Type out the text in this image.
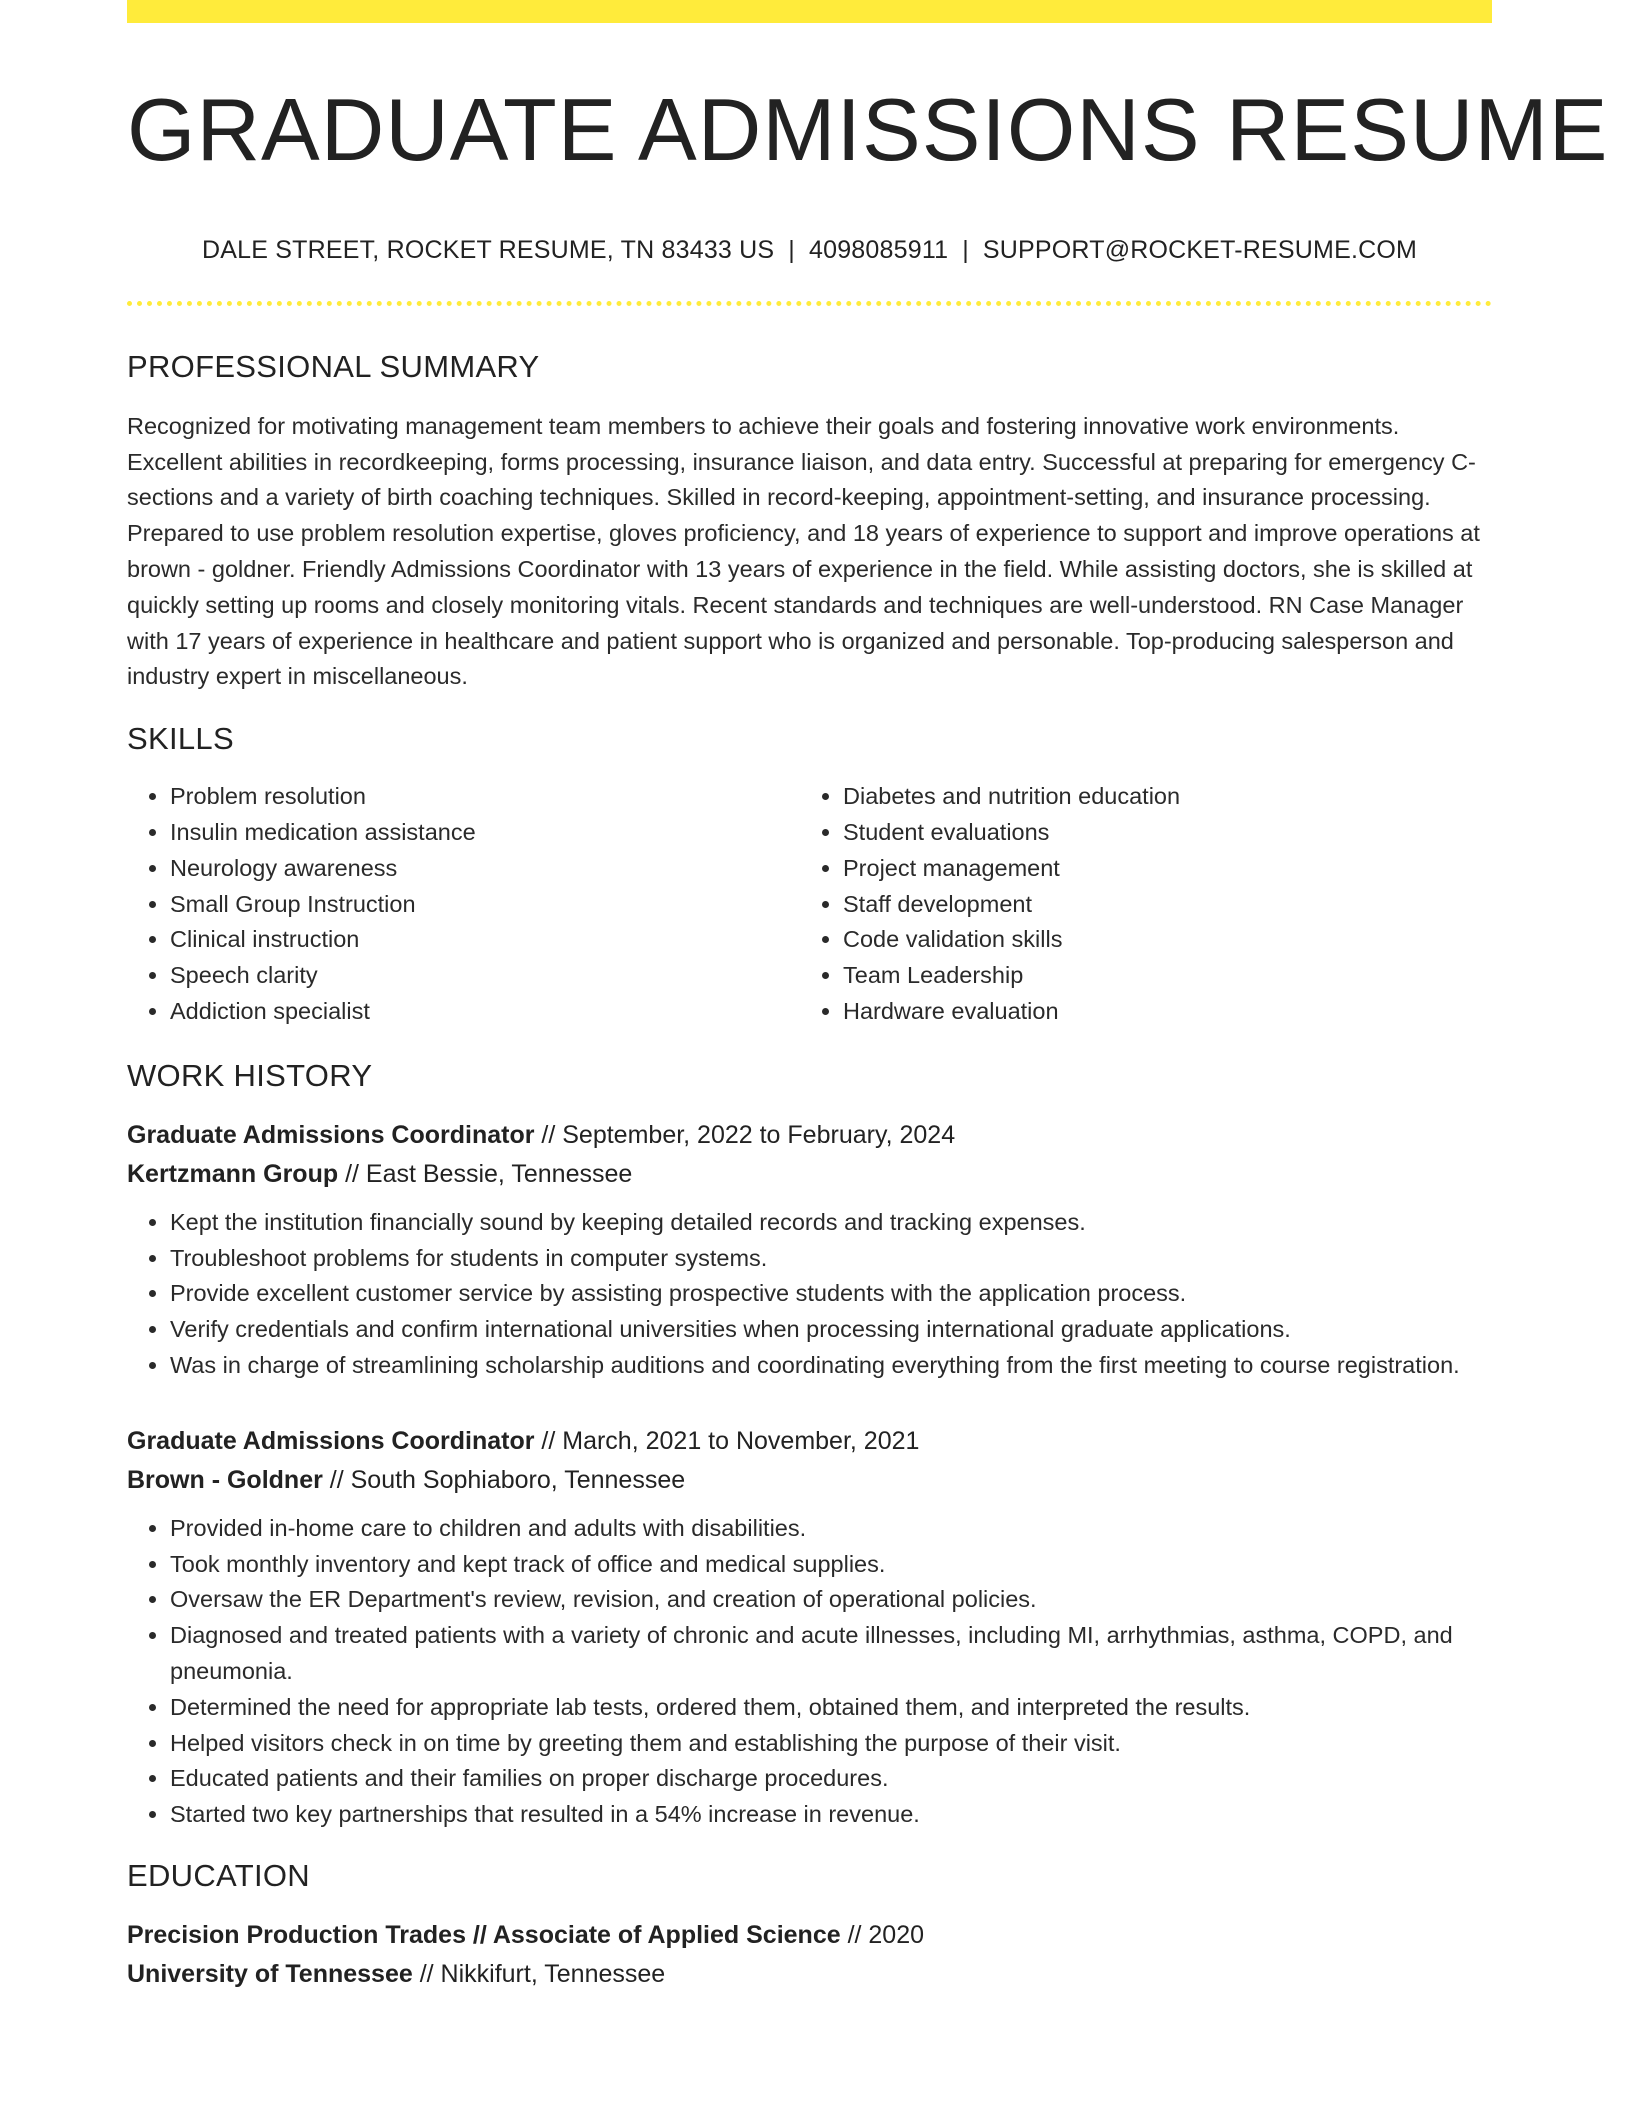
GRADUATE ADMISSIONS RESUME
DALE STREET, ROCKET RESUME, TN 83433 US | 4098085911 | SUPPORT@ROCKET-RESUME.COM
PROFESSIONAL SUMMARY

Recognized for motivating management team members to achieve their goals and fostering innovative work environments. Excellent abilities in recordkeeping, forms processing, insurance liaison, and data entry. Successful at preparing for emergency C-sections and a variety of birth coaching techniques. Skilled in record-keeping, appointment-setting, and insurance processing. Prepared to use problem resolution expertise, gloves proficiency, and 18 years of experience to support and improve operations at brown - goldner. Friendly Admissions Coordinator with 13 years of experience in the field. While assisting doctors, she is skilled at quickly setting up rooms and closely monitoring vitals. Recent standards and techniques are well-understood. RN Case Manager with 17 years of experience in healthcare and patient support who is organized and personable. Top-producing salesperson and industry expert in miscellaneous.

SKILLS
• Problem resolution
• Insulin medication assistance
• Neurology awareness
• Small Group Instruction
• Clinical instruction
• Speech clarity
• Addiction specialist
• Diabetes and nutrition education
• Student evaluations
• Project management
• Staff development
• Code validation skills
• Team Leadership
• Hardware evaluation
WORK HISTORY
Graduate Admissions Coordinator // September, 2022 to February, 2024
Kertzmann Group // East Bessie, Tennessee
• Kept the institution financially sound by keeping detailed records and tracking expenses.
• Troubleshoot problems for students in computer systems.
• Provide excellent customer service by assisting prospective students with the application process.
• Verify credentials and confirm international universities when processing international graduate applications.
• Was in charge of streamlining scholarship auditions and coordinating everything from the first meeting to course registration.
Graduate Admissions Coordinator // March, 2021 to November, 2021
Brown - Goldner // South Sophiaboro, Tennessee
• Provided in-home care to children and adults with disabilities.
• Took monthly inventory and kept track of office and medical supplies.
• Oversaw the ER Department's review, revision, and creation of operational policies.
• Diagnosed and treated patients with a variety of chronic and acute illnesses, including MI, arrhythmias, asthma, COPD, and pneumonia.
• Determined the need for appropriate lab tests, ordered them, obtained them, and interpreted the results.
• Helped visitors check in on time by greeting them and establishing the purpose of their visit.
• Educated patients and their families on proper discharge procedures.
• Started two key partnerships that resulted in a 54% increase in revenue.
EDUCATION
Precision Production Trades // Associate of Applied Science // 2020
University of Tennessee // Nikkifurt, Tennessee
